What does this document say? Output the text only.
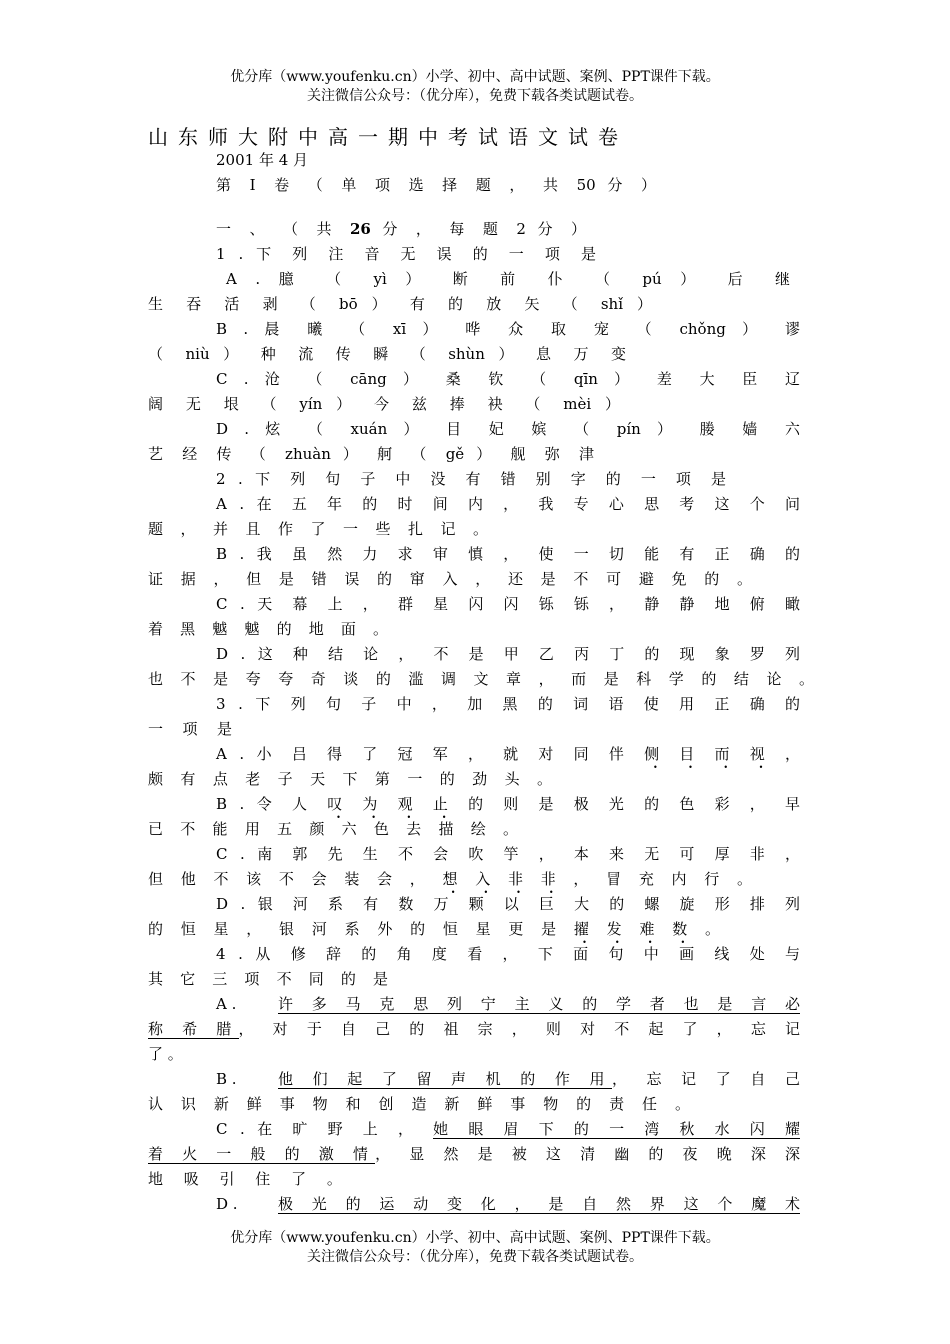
优分库（www.youfenku.cn）小学、初中、高中试题、案例、PPT课件下载。
关注微信公众号：（优分库），免费下载各类试题试卷。
山东师大附中高一期中考试语文试卷
2001 年 4 月
第 Ⅰ 卷 （ 单 项 选 择 题 ， 共 50 分 ）
一 、 （ 共 26 分 ， 每 题 2 分 ）
1 . 下 列 注 音 无 误 的 一 项 是
A . 臆 （ yì ） 断 前 仆 （ pú ） 后 继
生 吞 活 剥 （ bō ） 有 的 放 矢 （ shǐ ）
B . 晨 曦 （ xī ） 哗 众 取 宠 （ chǒng ） 谬
（ niù ） 种 流 传 瞬 （ shùn ） 息 万 变
C . 沧 （ cāng ） 桑 钦 （ qīn ） 差 大 臣 辽
阔 无 垠 （ yín ） 今 兹 捧 袂 （ mèi ）
D . 炫 （ xuán ） 目 妃 嫔 （ pín ） 媵 嫱 六
艺 经 传 （ zhuàn ） 舸 （ gě ） 舰 弥 津
2 . 下 列 句 子 中 没 有 错 别 字 的 一 项 是
A . 在 五 年 的 时 间 内 ， 我 专 心 思 考 这 个 问
题 ， 并 且 作 了 一 些 扎 记 。
B . 我 虽 然 力 求 审 慎 ， 使 一 切 能 有 正 确 的
证 据 ， 但 是 错 误 的 窜 入 ， 还 是 不 可 避 免 的 。
C . 天 幕 上 ， 群 星 闪 闪 铄 铄 ， 静 静 地 俯 瞰
着 黑 魆 魆 的 地 面 。
D . 这 种 结 论 ， 不 是 甲 乙 丙 丁 的 现 象 罗 列
也 不 是 夸 夸 奇 谈 的 滥 调 文 章 ， 而 是 科 学 的 结 论 。
3 . 下 列 句 子 中 ， 加 黑 的 词 语 使 用 正 确 的
一 项 是
A . 小 吕 得 了 冠 军 ， 就 对 同 伴 侧 目 而 视 ，
颇 有 点 老 子 天 下 第 一 的 劲 头 。
B . 令 人 叹 为 观 止 的 则 是 极 光 的 色 彩 ， 早
已 不 能 用 五 颜 六 色 去 描 绘 。
C . 南 郭 先 生 不 会 吹 竽 ， 本 来 无 可 厚 非 ，
但 他 不 该 不 会 装 会 ， 想 入 非 非 ， 冒 充 内 行 。
D . 银 河 系 有 数 万 颗 以 巨 大 的 螺 旋 形 排 列
的 恒 星 ， 银 河 系 外 的 恒 星 更 是 擢 发 难 数 。
4 . 从 修 辞 的 角 度 看 ， 下 面 句 中 画 线 处 与
其 它 三 项 不 同 的 是
A .	许 多 马 克 思 列 宁 主 义 的 学 者 也 是 言 必
称 希 腊， 对 于 自 己 的 祖 宗 ， 则 对 不 起 了 ， 忘 记
了 。
B .	他 们 起 了 留 声 机 的 作 用， 忘 记 了 自 己
认 识 新 鲜 事 物 和 创 造 新 鲜 事 物 的 责 任 。
C . 在 旷 野 上 ， 她 眼 眉 下 的 一 湾 秋 水 闪 耀
着 火 一 般 的 激 情， 显 然 是 被 这 清 幽 的 夜 晚 深 深
地 吸 引 住 了 。
D .	极 光 的 运 动 变 化 ， 是 自 然 界 这 个 魔 术
优分库（www.youfenku.cn）小学、初中、高中试题、案例、PPT课件下载。
关注微信公众号：（优分库），免费下载各类试题试卷。
